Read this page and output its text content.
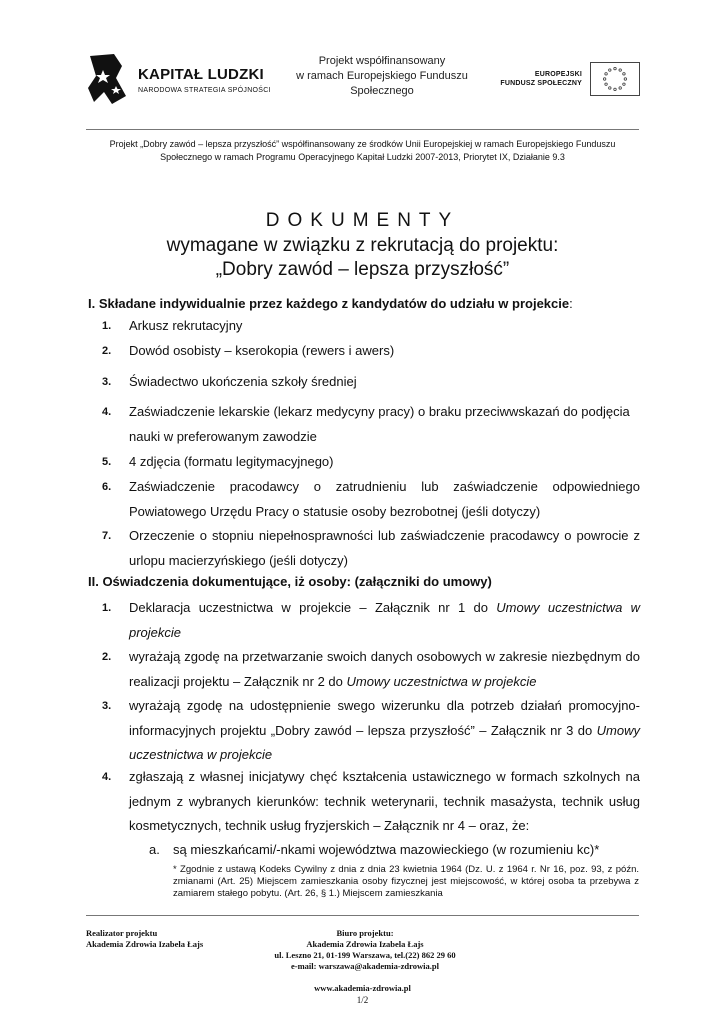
KAPITAŁ LUDZKI
NARODOWA STRATEGIA SPÓJNOŚCI
Projekt współfinansowany
w ramach Europejskiego Funduszu
Społecznego
EUROPEJSKI
FUNDUSZ SPOŁECZNY
Projekt „Dobry zawód – lepsza przyszłość” współfinansowany ze środków Unii Europejskiej w ramach Europejskiego Funduszu
Społecznego w ramach Programu Operacyjnego Kapitał Ludzki 2007-2013, Priorytet IX, Działanie 9.3
DOKUMENTY
wymagane w związku z rekrutacją do projektu:
„Dobry zawód – lepsza przyszłość”
I. Składane indywidualnie przez każdego z kandydatów do udziału w projekcie:
1.	Arkusz rekrutacyjny
2.	Dowód osobisty – kserokopia (rewers i awers)
3.	Świadectwo ukończenia szkoły średniej
4.	Zaświadczenie lekarskie (lekarz medycyny pracy) o braku przeciwwskazań do podjęcia nauki w preferowanym zawodzie
5.	4 zdjęcia (formatu legitymacyjnego)
6.	Zaświadczenie pracodawcy o zatrudnieniu lub zaświadczenie odpowiedniego Powiatowego Urzędu Pracy o statusie osoby bezrobotnej (jeśli dotyczy)
7.	Orzeczenie o stopniu niepełnosprawności lub zaświadczenie pracodawcy o powrocie z urlopu macierzyńskiego (jeśli dotyczy)
II. Oświadczenia dokumentujące, iż osoby: (załączniki do umowy)
1.	Deklaracja uczestnictwa w projekcie – Załącznik nr 1 do Umowy uczestnictwa w projekcie
2.	wyrażają zgodę na przetwarzanie swoich danych osobowych w zakresie niezbędnym do realizacji projektu – Załącznik nr 2 do Umowy uczestnictwa w projekcie
3.	wyrażają zgodę na udostępnienie swego wizerunku dla potrzeb działań promocyjno-informacyjnych projektu „Dobry zawód – lepsza przyszłość” – Załącznik nr 3 do Umowy uczestnictwa w projekcie
4.	zgłaszają z własnej inicjatywy chęć kształcenia ustawicznego w formach szkolnych na jednym z wybranych kierunków: technik weterynarii, technik masażysta, technik usług kosmetycznych, technik usług fryzjerskich – Załącznik nr 4 – oraz, że:
a. są mieszkańcami/-nkami województwa mazowieckiego (w rozumieniu kc)*
* Zgodnie z ustawą Kodeks Cywilny z dnia z dnia 23 kwietnia 1964 (Dz. U. z 1964 r. Nr 16, poz. 93, z późn. zmianami (Art. 25) Miejscem zamieszkania osoby fizycznej jest miejscowość, w której osoba ta przebywa z zamiarem stałego pobytu. (Art. 26, § 1.) Miejscem zamieszkania
Realizator projektu
Akademia Zdrowia Izabela Łajs
Biuro projektu:
Akademia Zdrowia Izabela Łajs
ul. Leszno 21, 01-199 Warszawa, tel.(22) 862 29 60
e-mail: warszawa@akademia-zdrowia.pl
www.akademia-zdrowia.pl
1/2
